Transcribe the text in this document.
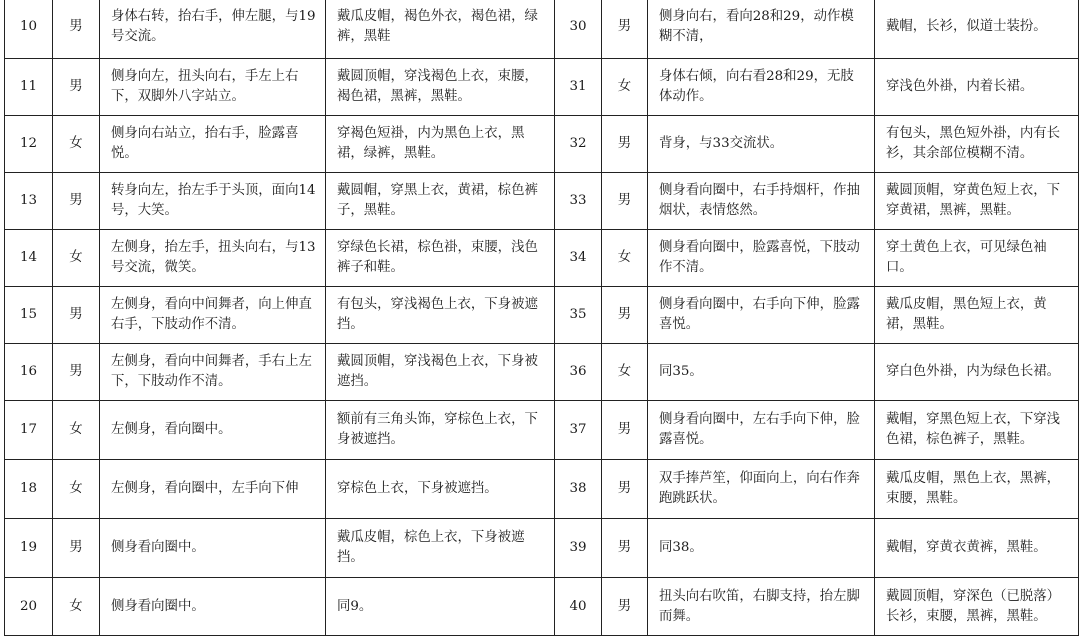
10	男	身体右转，抬右手，伸左腿，与19号交流。	戴瓜皮帽，褐色外衣，褐色裙，绿裤，黑鞋	30	男	侧身向右，看向28和29，动作模糊不清，	戴帽，长衫，似道士装扮。
11	男	侧身向左，扭头向右，手左上右下，双脚外八字站立。	戴圆顶帽，穿浅褐色上衣，束腰，褐色裙，黑裤，黑鞋。	31	女	身体右倾，向右看28和29，无肢体动作。	穿浅色外褂，内着长裙。
12	女	侧身向右站立，抬右手，脸露喜悦。	穿褐色短褂，内为黑色上衣，黑裙，绿裤，黑鞋。	32	男	背身，与33交流状。	有包头，黑色短外褂，内有长衫，其余部位模糊不清。
13	男	转身向左，抬左手于头顶，面向14号，大笑。	戴圆帽，穿黑上衣，黄裙，棕色裤子，黑鞋。	33	男	侧身看向圈中，右手持烟杆，作抽烟状，表情悠然。	戴圆顶帽，穿黄色短上衣，下穿黄裙，黑裤，黑鞋。
14	女	左侧身，抬左手，扭头向右，与13号交流，微笑。	穿绿色长裙，棕色褂，束腰，浅色裤子和鞋。	34	女	侧身看向圈中，脸露喜悦，下肢动作不清。	穿土黄色上衣，可见绿色袖口。
15	男	左侧身，看向中间舞者，向上伸直右手，下肢动作不清。	有包头，穿浅褐色上衣，下身被遮挡。	35	男	侧身看向圈中，右手向下伸，脸露喜悦。	戴瓜皮帽，黑色短上衣，黄裙，黑鞋。
16	男	左侧身，看向中间舞者，手右上左下，下肢动作不清。	戴圆顶帽，穿浅褐色上衣，下身被遮挡。	36	女	同35。	穿白色外褂，内为绿色长裙。
17	女	左侧身，看向圈中。	额前有三角头饰，穿棕色上衣，下身被遮挡。	37	男	侧身看向圈中，左右手向下伸，脸露喜悦。	戴帽，穿黑色短上衣，下穿浅色裙，棕色裤子，黑鞋。
18	女	左侧身，看向圈中，左手向下伸	穿棕色上衣，下身被遮挡。	38	男	双手捧芦笙，仰面向上，向右作奔跑跳跃状。	戴瓜皮帽，黑色上衣，黑裤，束腰，黑鞋。
19	男	侧身看向圈中。	戴瓜皮帽，棕色上衣，下身被遮挡。	39	男	同38。	戴帽，穿黄衣黄裤，黑鞋。
20	女	侧身看向圈中。	同9。	40	男	扭头向右吹笛，右脚支持，抬左脚而舞。	戴圆顶帽，穿深色（已脱落）长衫，束腰，黑裤，黑鞋。
